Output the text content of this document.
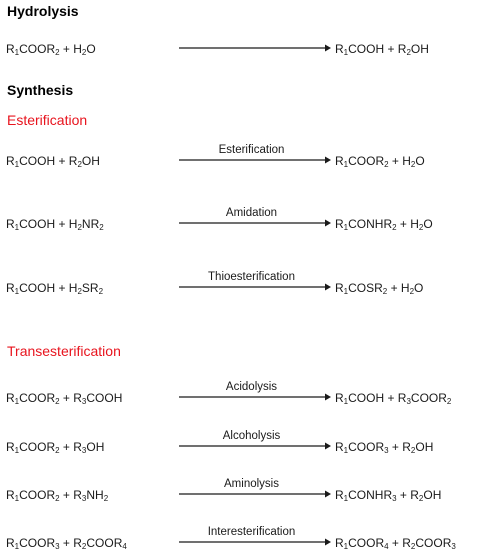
Hydrolysis
$R_1COOR_2 + H_2O$	$R_1COOH + R_2OH$
Synthesis
Esterification
$R_1COOH + R_2OH$
Esterification
$R_1COOR_2 + H_2O$
$R_1COOH + H_2NR_2$
Amidation
$R_1CONHR_2 + H_2O$
$R_1COOH + H_2SR_2$
Thioesterification
$R_1COSR_2 + H_2O$
Transesterification
$R_1COOR_2$ + $R_3COOH$
Acidolysis
$R_1COOH$ + $R_3COOR_2$
$R_1COOR_2 + R_3OH$
Alcoholysis
$R_1COOR_3 + R_2OH$
$R_1COOR_2 + R_3NH_2$
Aminolysis
$R_1CONHR_3 + R_2OH$
$R_1COOR_3$ + $R_2COOR_4$
Interesterification
$R_1COOR_4$ + $R_2COOR_3$
